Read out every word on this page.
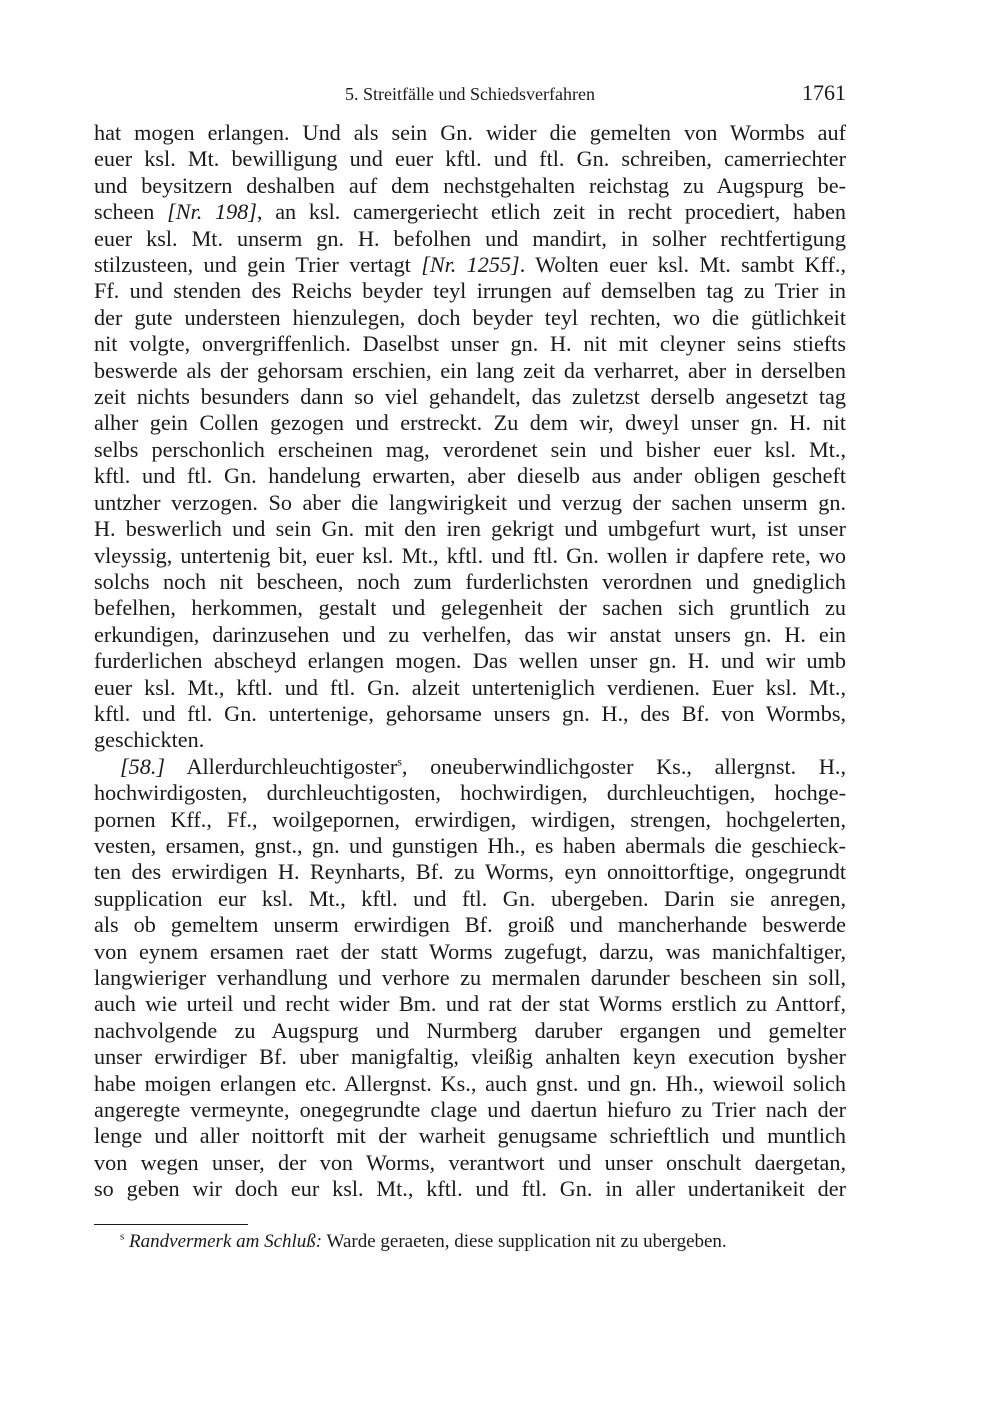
5. Streitfälle und Schiedsverfahren	1761
hat mogen erlangen. Und als sein Gn. wider die gemelten von Wormbs auf
euer ksl. Mt. bewilligung und euer kftl. und ftl. Gn. schreiben, camerriechter
und beysitzern deshalben auf dem nechstgehalten reichstag zu Augspurg be-
scheen [Nr. 198], an ksl. camergeriecht etlich zeit in recht procediert, haben
euer ksl. Mt. unserm gn. H. befolhen und mandirt, in solher rechtfertigung
stilzusteen, und gein Trier vertagt [Nr. 1255]. Wolten euer ksl. Mt. sambt Kff.,
Ff. und stenden des Reichs beyder teyl irrungen auf demselben tag zu Trier in
der gute understeen hienzulegen, doch beyder teyl rechten, wo die gütlichkeit
nit volgte, onvergriffenlich. Daselbst unser gn. H. nit mit cleyner seins stiefts
beswerde als der gehorsam erschien, ein lang zeit da verharret, aber in derselben
zeit nichts besunders dann so viel gehandelt, das zuletzst derselb angesetzt tag
alher gein Collen gezogen und erstreckt. Zu dem wir, dweyl unser gn. H. nit
selbs perschonlich erscheinen mag, verordenet sein und bisher euer ksl. Mt.,
kftl. und ftl. Gn. handelung erwarten, aber dieselb aus ander obligen gescheft
untzher verzogen. So aber die langwirigkeit und verzug der sachen unserm gn.
H. beswerlich und sein Gn. mit den iren gekrigt und umbgefurt wurt, ist unser
vleyssig, untertenig bit, euer ksl. Mt., kftl. und ftl. Gn. wollen ir dapfere rete, wo
solchs noch nit bescheen, noch zum furderlichsten verordnen und gnediglich
befelhen, herkommen, gestalt und gelegenheit der sachen sich gruntlich zu
erkundigen, darinzusehen und zu verhelfen, das wir anstat unsers gn. H. ein
furderlichen abscheyd erlangen mogen. Das wellen unser gn. H. und wir umb
euer ksl. Mt., kftl. und ftl. Gn. alzeit unterteniglich verdienen. Euer ksl. Mt.,
kftl. und ftl. Gn. untertenige, gehorsame unsers gn. H., des Bf. von Wormbs,
geschickten.
[58.] Allerdurchleuchtigoster$^s$, oneuberwindlichgoster Ks., allergnst. H.,
hochwirdigosten, durchleuchtigosten, hochwirdigen, durchleuchtigen, hochge-
pornen Kff., Ff., woilgepornen, erwirdigen, wirdigen, strengen, hochgelerten,
vesten, ersamen, gnst., gn. und gunstigen Hh., es haben abermals die geschieck-
ten des erwirdigen H. Reynharts, Bf. zu Worms, eyn onnoittorftige, ongegrundt
supplication eur ksl. Mt., kftl. und ftl. Gn. ubergeben. Darin sie anregen,
als ob gemeltem unserm erwirdigen Bf. groiß und mancherhande beswerde
von eynem ersamen raet der statt Worms zugefugt, darzu, was manichfaltiger,
langwieriger verhandlung und verhore zu mermalen darunder bescheen sin soll,
auch wie urteil und recht wider Bm. und rat der stat Worms erstlich zu Anttorf,
nachvolgende zu Augspurg und Nurmberg daruber ergangen und gemelter
unser erwirdiger Bf. uber manigfaltig, vleißig anhalten keyn execution bysher
habe moigen erlangen etc. Allergnst. Ks., auch gnst. und gn. Hh., wiewoil solich
angeregte vermeynte, onegegrundte clage und daertun hiefuro zu Trier nach der
lenge und aller noittorft mit der warheit genugsame schrieftlich und muntlich
von wegen unser, der von Worms, verantwort und unser onschult daergetan,
so geben wir doch eur ksl. Mt., kftl. und ftl. Gn. in aller undertanikeit der
$^s$ Randvermerk am Schluß: Warde geraeten, diese supplication nit zu ubergeben.
